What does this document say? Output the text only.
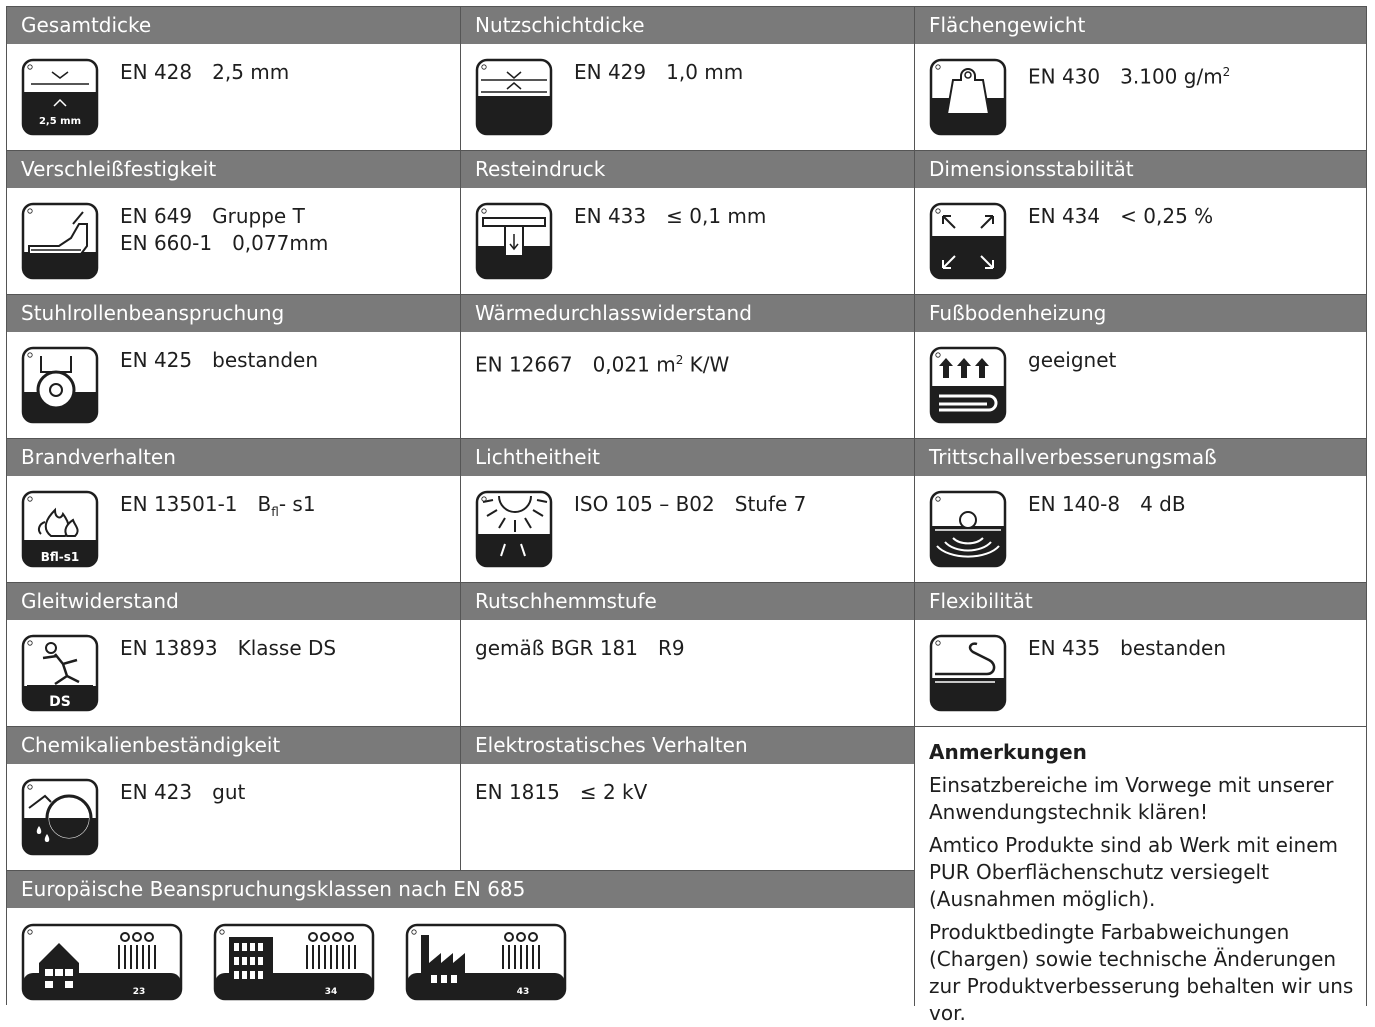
Gesamtdicke
2,5 mm
EN 428 2,5 mm
Nutzschichtdicke
EN 429 1,0 mm
Flächengewicht
EN 430 3.100 $g/m^2$
Verschleißfestigkeit
EN 649 Gruppe T
EN 660-1 0,077mm
Resteindruck
EN 433 ≤ 0,1 mm
Dimensionsstabilität
EN 434 < 0,25 %
Stuhlrollenbeanspruchung
EN 425 bestanden
Wärmedurchlasswiderstand
EN 12667 0,021 $m^2$ K/W
Fußbodenheizung
geeignet
Brandverhalten
Bfl-s1
EN 13501-1 $B_{fl}-$ s1
Lichtheitheit
ISO 105 – B02 Stufe 7
Trittschallverbesserungsmaß
EN 140-8 4 dB
Gleitwiderstand
DS
EN 13893 Klasse DS
Rutschhemmstufe
gemäß BGR 181 R9
Flexibilität
EN 435 bestanden
Chemikalienbeständigkeit
EN 423 gut
Elektrostatisches Verhalten
EN 1815 ≤ 2 kV
Anmerkungen

Einsatzbereiche im Vorwege mit unserer Anwendungstechnik klären!

Amtico Produkte sind ab Werk mit einem PUR Oberflächenschutz versiegelt (Ausnahmen möglich).

Produktbedingte Farbabweichungen (Chargen) sowie technische Änderungen zur Produktverbesserung behalten wir uns vor.

Europäische Beanspruchungsklassen nach EN 685
23	34	43
